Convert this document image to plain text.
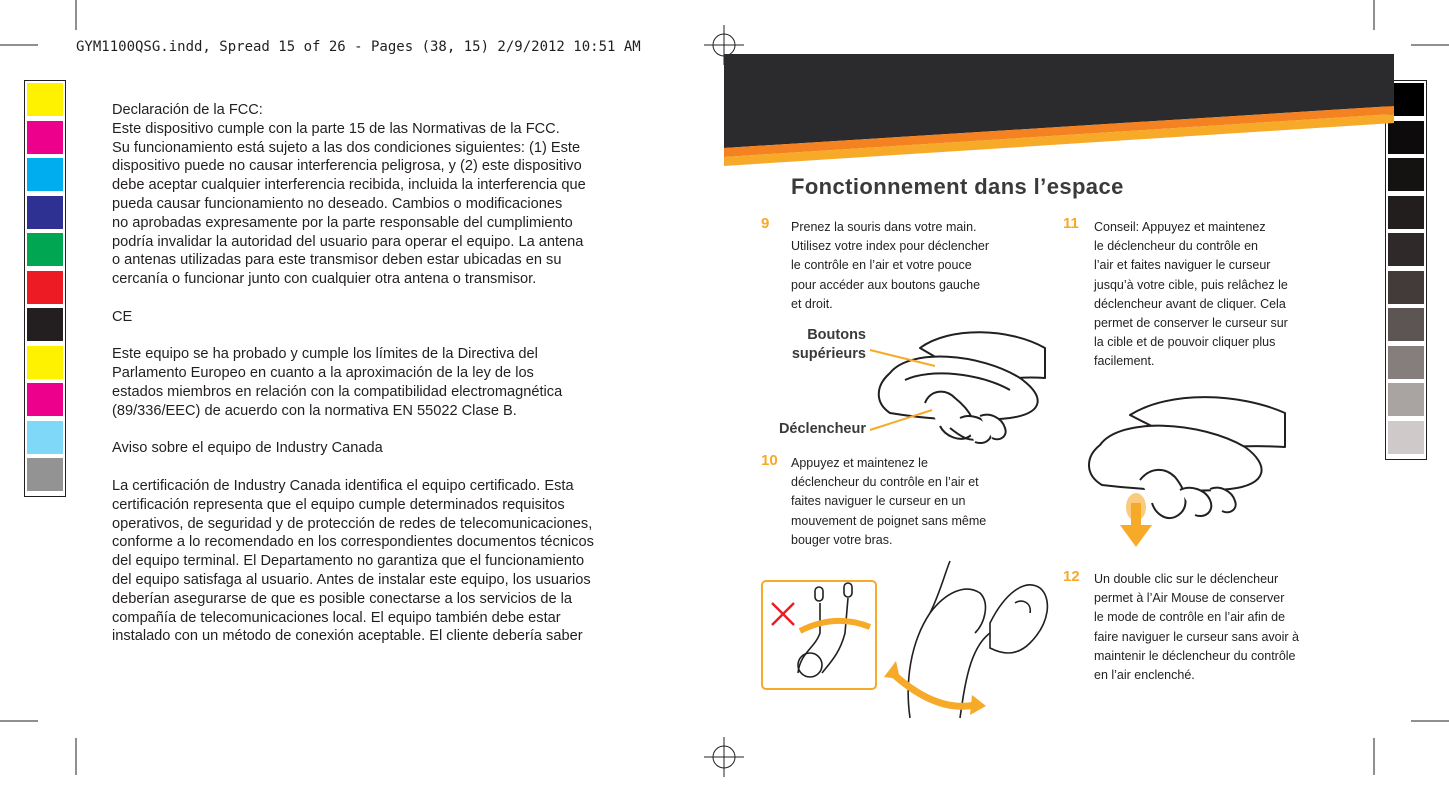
GYM1100QSG.indd, Spread 15 of 26 - Pages (38, 15) 2/9/2012 10:51 AM

Declaración de la FCC:
Este dispositivo cumple con la parte 15 de las Normativas de la FCC.
Su funcionamiento está sujeto a las dos condiciones siguientes: (1) Este
dispositivo puede no causar interferencia peligrosa, y (2) este dispositivo
debe aceptar cualquier interferencia recibida, incluida la interferencia que
pueda causar funcionamiento no deseado. Cambios o modificaciones
no aprobadas expresamente por la parte responsable del cumplimiento
podría invalidar la autoridad del usuario para operar el equipo. La antena
o antenas utilizadas para este transmisor deben estar ubicadas en su
cercanía o funcionar junto con cualquier otra antena o transmisor.

CE

Este equipo se ha probado y cumple los límites de la Directiva del
Parlamento Europeo en cuanto a la aproximación de la ley de los
estados miembros en relación con la compatibilidad electromagnética
(89/336/EEC) de acuerdo con la normativa EN 55022 Clase B.

Aviso sobre el equipo de Industry Canada

La certificación de Industry Canada identifica el equipo certificado. Esta
certificación representa que el equipo cumple determinados requisitos
operativos, de seguridad y de protección de redes de telecomunicaciones,
conforme a lo recomendado en los correspondientes documentos técnicos
del equipo terminal. El Departamento no garantiza que el funcionamiento
del equipo satisfaga al usuario. Antes de instalar este equipo, los usuarios
deberían asegurarse de que es posible conectarse a los servicios de la
compañía de telecomunicaciones local. El equipo también debe estar
instalado con un método de conexión aceptable. El cliente debería saber

Fonctionnement dans l’espace
9 Prenez la souris dans votre main.
Utilisez votre index pour déclencher
le contrôle en l’air et votre pouce
pour accéder aux boutons gauche
et droit.
10 Appuyez et maintenez le
déclencheur du contrôle en l’air et
faites naviguer le curseur en un
mouvement de poignet sans même
bouger votre bras.
11 Conseil: Appuyez et maintenez
le déclencheur du contrôle en
l’air et faites naviguer le curseur
jusqu’à votre cible, puis relâchez le
déclencheur avant de cliquer. Cela
permet de conserver le curseur sur
la cible et de pouvoir cliquer plus
facilement.
12 Un double clic sur le déclencheur
permet à l’Air Mouse de conserver
le mode de contrôle en l’air afin de
faire naviguer le curseur sans avoir à
maintenir le déclencheur du contrôle
en l’air enclenché.
Boutons
supérieurs
Déclencheur
